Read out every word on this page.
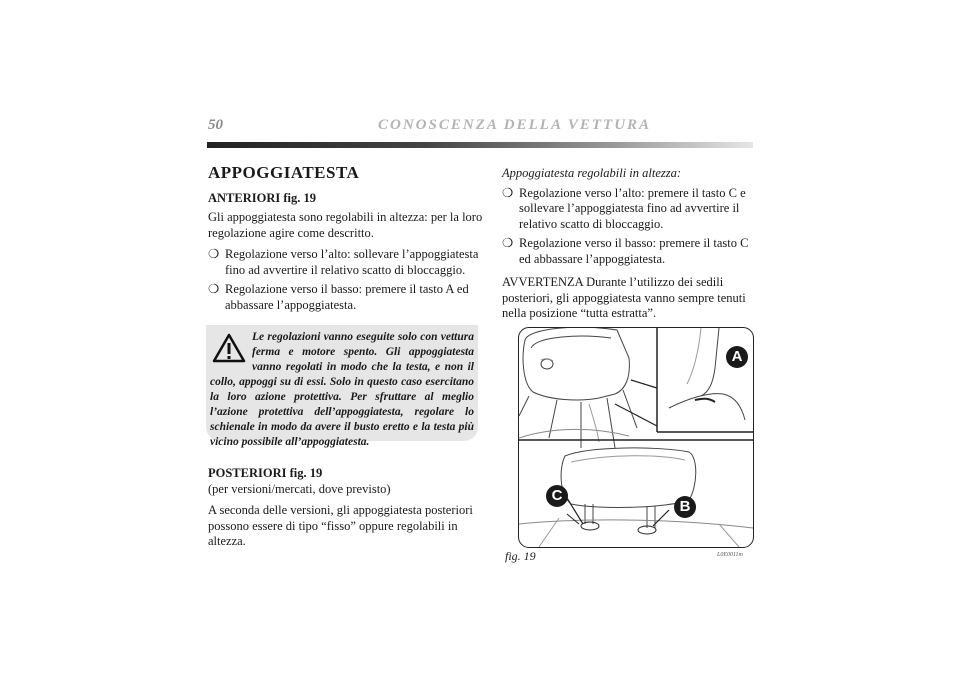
50	CONOSCENZA DELLA VETTURA
APPOGGIATESTA
ANTERIORI fig. 19

Gli appoggiatesta sono regolabili in altezza: per la loro regolazione agire come descritto.

❍ Regolazione verso l’alto: sollevare l’appoggiatesta fino ad avvertire il relativo scatto di bloccaggio.
❍ Regolazione verso il basso: premere il tasto A ed abbassare l’appoggiatesta.
Le regolazioni vanno eseguite solo con vettura ferma e motore spento. Gli appoggiatesta vanno regolati in modo che la testa, e non il collo, appoggi su di essi. Solo in questo caso esercitano la loro azione protettiva. Per sfruttare al meglio l’azione protettiva dell’appoggiatesta, regolare lo schienale in modo da avere il busto eretto e la testa più vicino possibile all’appoggiatesta.
POSTERIORI fig. 19

(per versioni/mercati, dove previsto)

A seconda delle versioni, gli appoggiatesta posteriori possono essere di tipo “fisso” oppure regolabili in altezza.

Appoggiatesta regolabili in altezza:

❍ Regolazione verso l’alto: premere il tasto C e sollevare l’appoggiatesta fino ad avvertire il relativo scatto di bloccaggio.
❍ Regolazione verso il basso: premere il tasto C ed abbassare l’appoggiatesta.

AVVERTENZA Durante l’utilizzo dei sedili posteriori, gli appoggiatesta vanno sempre tenuti nella posizione “tutta estratta”.

A
B
C
fig. 19	L0E0011m
